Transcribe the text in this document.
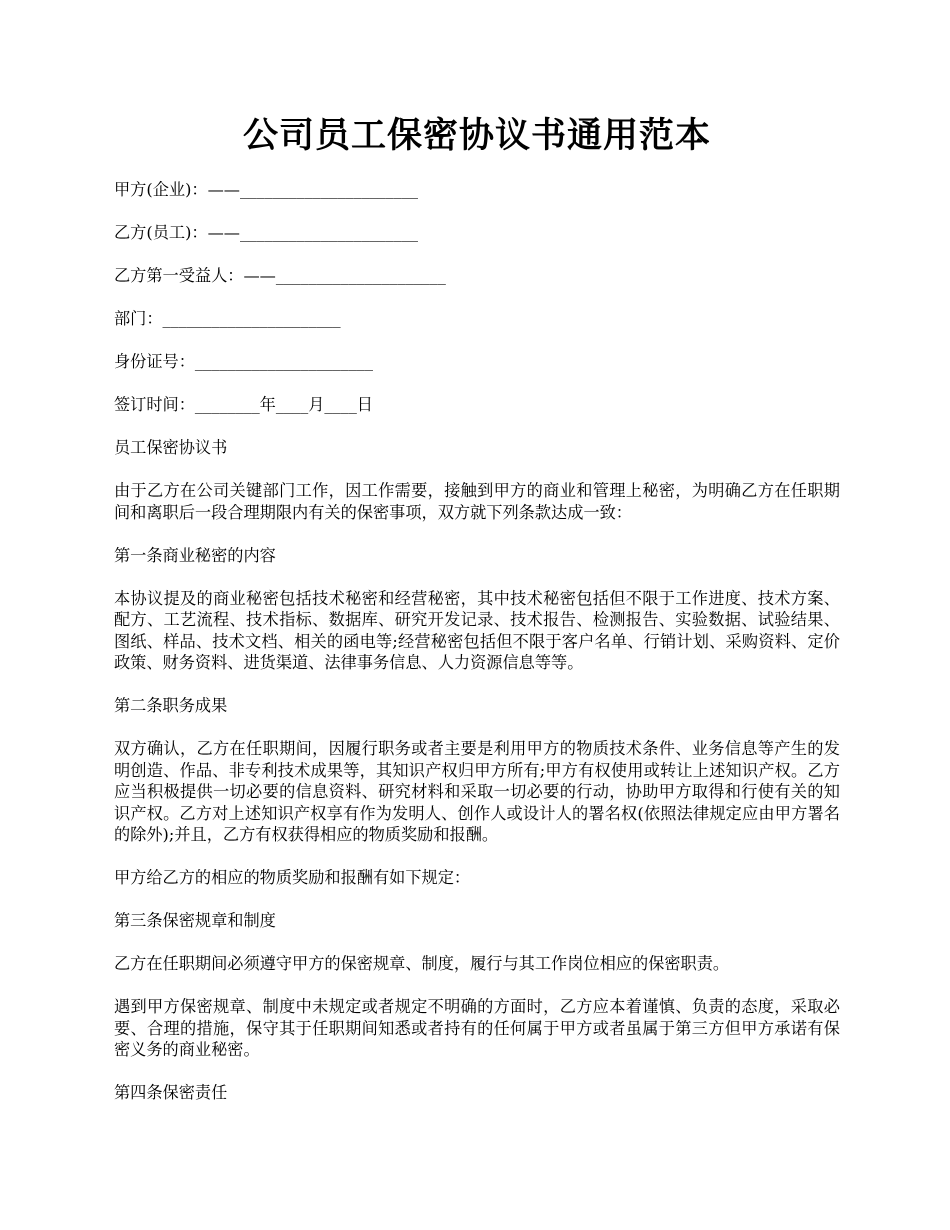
公司员工保密协议书通用范本

甲方(企业)：——______________________

乙方(员工)：——______________________

乙方第一受益人：——_____________________

部门：______________________

身份证号：______________________

签订时间：________年____月____日

员工保密协议书

由于乙方在公司关键部门工作，因工作需要，接触到甲方的商业和管理上秘密，为明确乙方在任职期间和离职后一段合理期限内有关的保密事项，双方就下列条款达成一致：

第一条商业秘密的内容

本协议提及的商业秘密包括技术秘密和经营秘密，其中技术秘密包括但不限于工作进度、技术方案、配方、工艺流程、技术指标、数据库、研究开发记录、技术报告、检测报告、实验数据、试验结果、图纸、样品、技术文档、相关的函电等;经营秘密包括但不限于客户名单、行销计划、采购资料、定价政策、财务资料、进货渠道、法律事务信息、人力资源信息等等。

第二条职务成果

双方确认，乙方在任职期间，因履行职务或者主要是利用甲方的物质技术条件、业务信息等产生的发明创造、作品、非专利技术成果等，其知识产权归甲方所有;甲方有权使用或转让上述知识产权。乙方应当积极提供一切必要的信息资料、研究材料和采取一切必要的行动，协助甲方取得和行使有关的知识产权。乙方对上述知识产权享有作为发明人、创作人或设计人的署名权(依照法律规定应由甲方署名的除外);并且，乙方有权获得相应的物质奖励和报酬。

甲方给乙方的相应的物质奖励和报酬有如下规定：

第三条保密规章和制度

乙方在任职期间必须遵守甲方的保密规章、制度，履行与其工作岗位相应的保密职责。

遇到甲方保密规章、制度中未规定或者规定不明确的方面时，乙方应本着谨慎、负责的态度，采取必要、合理的措施，保守其于任职期间知悉或者持有的任何属于甲方或者虽属于第三方但甲方承诺有保密义务的商业秘密。

第四条保密责任
